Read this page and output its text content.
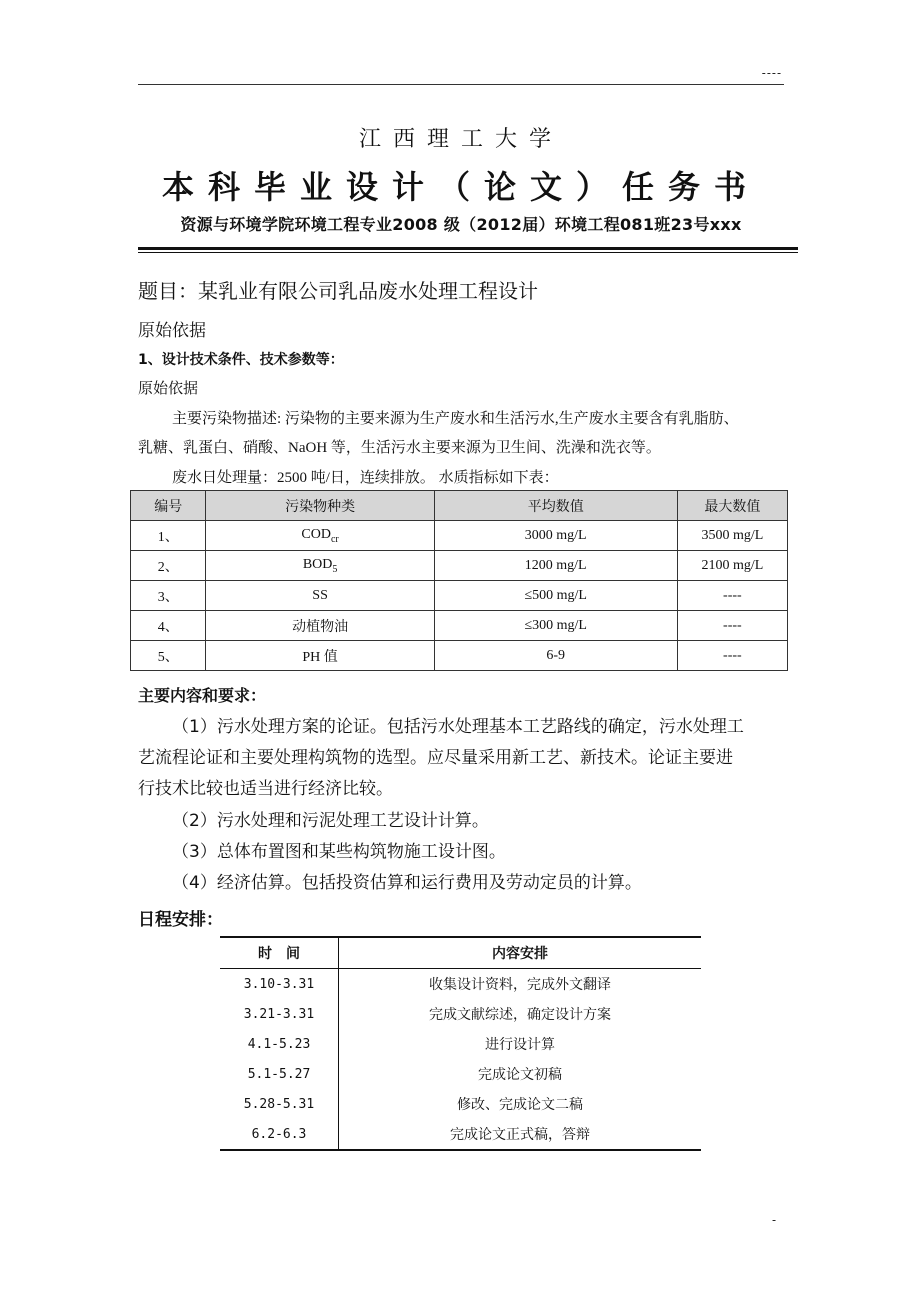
----
江西理工大学
本科毕业设计（论文）任务书
资源与环境学院环境工程专业2008 级（2012届）环境工程081班23号xxx
题目：某乳业有限公司乳品废水处理工程设计
原始依据
1、设计技术条件、技术参数等：
原始依据
主要污染物描述: 污染物的主要来源为生产废水和生活污水,生产废水主要含有乳脂肪、
乳糖、乳蛋白、硝酸、NaOH 等，生活污水主要来源为卫生间、洗澡和洗衣等。
废水日处理量：2500 吨/日，连续排放。 水质指标如下表：
编号	污染物种类	平均数值	最大数值
1、	$COD_{cr}$	3000 mg/L	3500 mg/L
2、	$BOD_5$	1200 mg/L	2100 mg/L
3、	SS	≤500 mg/L	----
4、	动植物油	≤300 mg/L	----
5、	PH 值	6-9	----
主要内容和要求：
（1）污水处理方案的论证。包括污水处理基本工艺路线的确定，污水处理工
艺流程论证和主要处理构筑物的选型。应尽量采用新工艺、新技术。论证主要进
行技术比较也适当进行经济比较。
（2）污水处理和污泥处理工艺设计计算。
（3）总体布置图和某些构筑物施工设计图。
（4）经济估算。包括投资估算和运行费用及劳动定员的计算。
日程安排：
时　间	内容安排
3.10-3.31	收集设计资料，完成外文翻译
3.21-3.31	完成文献综述，确定设计方案
4.1-5.23	进行设计算
5.1-5.27	完成论文初稿
5.28-5.31	修改、完成论文二稿
6.2-6.3	完成论文正式稿，答辩
-
